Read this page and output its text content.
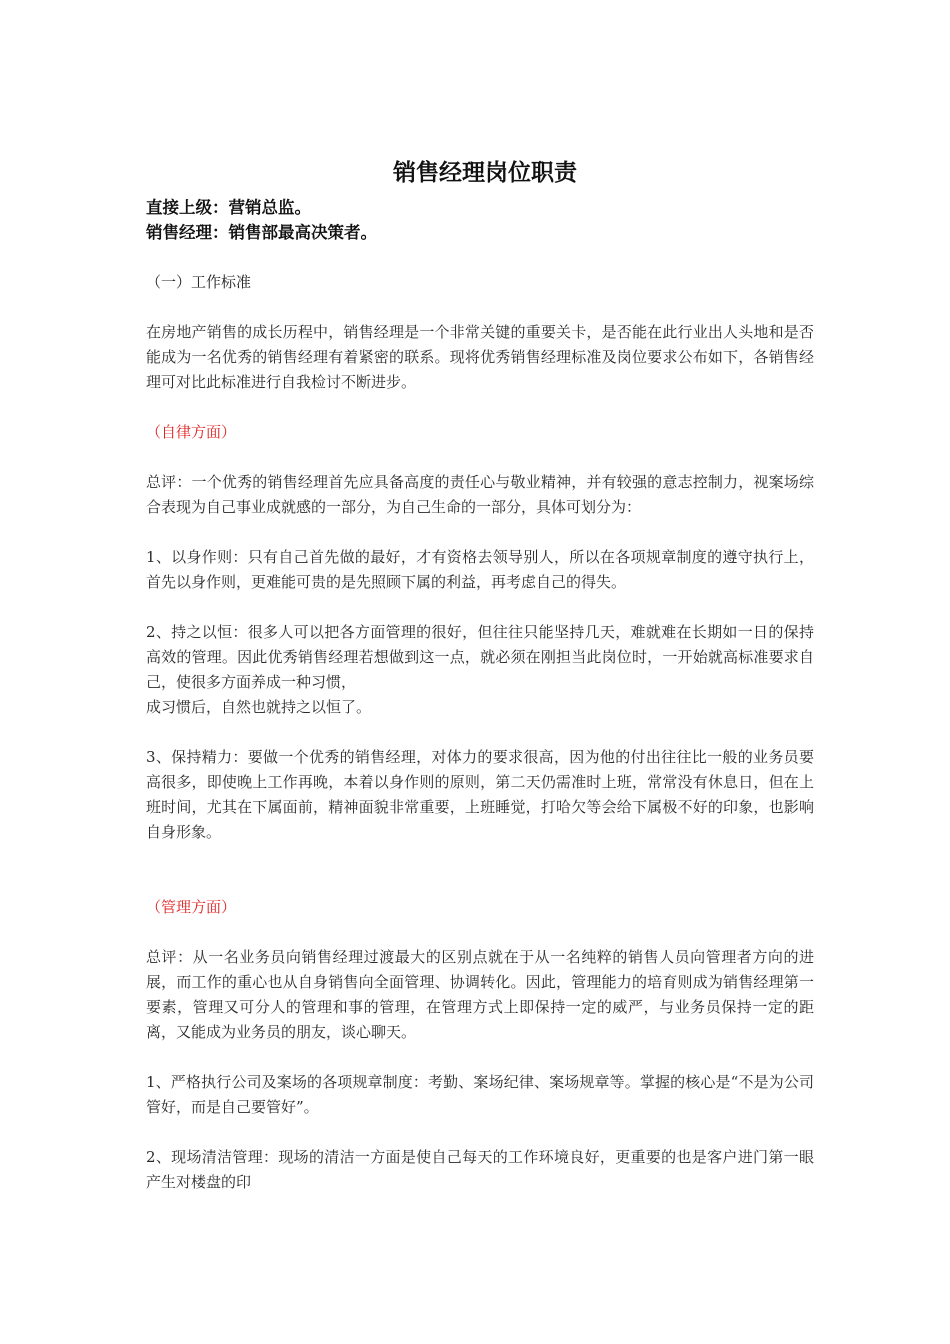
销售经理岗位职责

直接上级：营销总监。

销售经理：销售部最高决策者。

（一）工作标准

在房地产销售的成长历程中，销售经理是一个非常关键的重要关卡，是否能在此行业出人头地和是否能成为一名优秀的销售经理有着紧密的联系。现将优秀销售经理标准及岗位要求公布如下，各销售经理可对比此标准进行自我检讨不断进步。

（自律方面）

总评：一个优秀的销售经理首先应具备高度的责任心与敬业精神，并有较强的意志控制力，视案场综合表现为自己事业成就感的一部分，为自己生命的一部分，具体可划分为：

1、以身作则：只有自己首先做的最好，才有资格去领导别人，所以在各项规章制度的遵守执行上，首先以身作则，更难能可贵的是先照顾下属的利益，再考虑自己的得失。

2、持之以恒：很多人可以把各方面管理的很好，但往往只能坚持几天，难就难在长期如一日的保持高效的管理。因此优秀销售经理若想做到这一点，就必须在刚担当此岗位时，一开始就高标准要求自己，使很多方面养成一种习惯，

成习惯后，自然也就持之以恒了。

3、保持精力：要做一个优秀的销售经理，对体力的要求很高，因为他的付出往往比一般的业务员要高很多，即使晚上工作再晚，本着以身作则的原则，第二天仍需准时上班，常常没有休息日，但在上班时间，尤其在下属面前，精神面貌非常重要，上班睡觉，打哈欠等会给下属极不好的印象，也影响自身形象。

（管理方面）

总评：从一名业务员向销售经理过渡最大的区别点就在于从一名纯粹的销售人员向管理者方向的进展，而工作的重心也从自身销售向全面管理、协调转化。因此，管理能力的培育则成为销售经理第一要素，管理又可分人的管理和事的管理，在管理方式上即保持一定的威严，与业务员保持一定的距离，又能成为业务员的朋友，谈心聊天。

1、严格执行公司及案场的各项规章制度：考勤、案场纪律、案场规章等。掌握的核心是“不是为公司管好，而是自己要管好”。

2、现场清洁管理：现场的清洁一方面是使自己每天的工作环境良好，更重要的也是客户进门第一眼产生对楼盘的印
